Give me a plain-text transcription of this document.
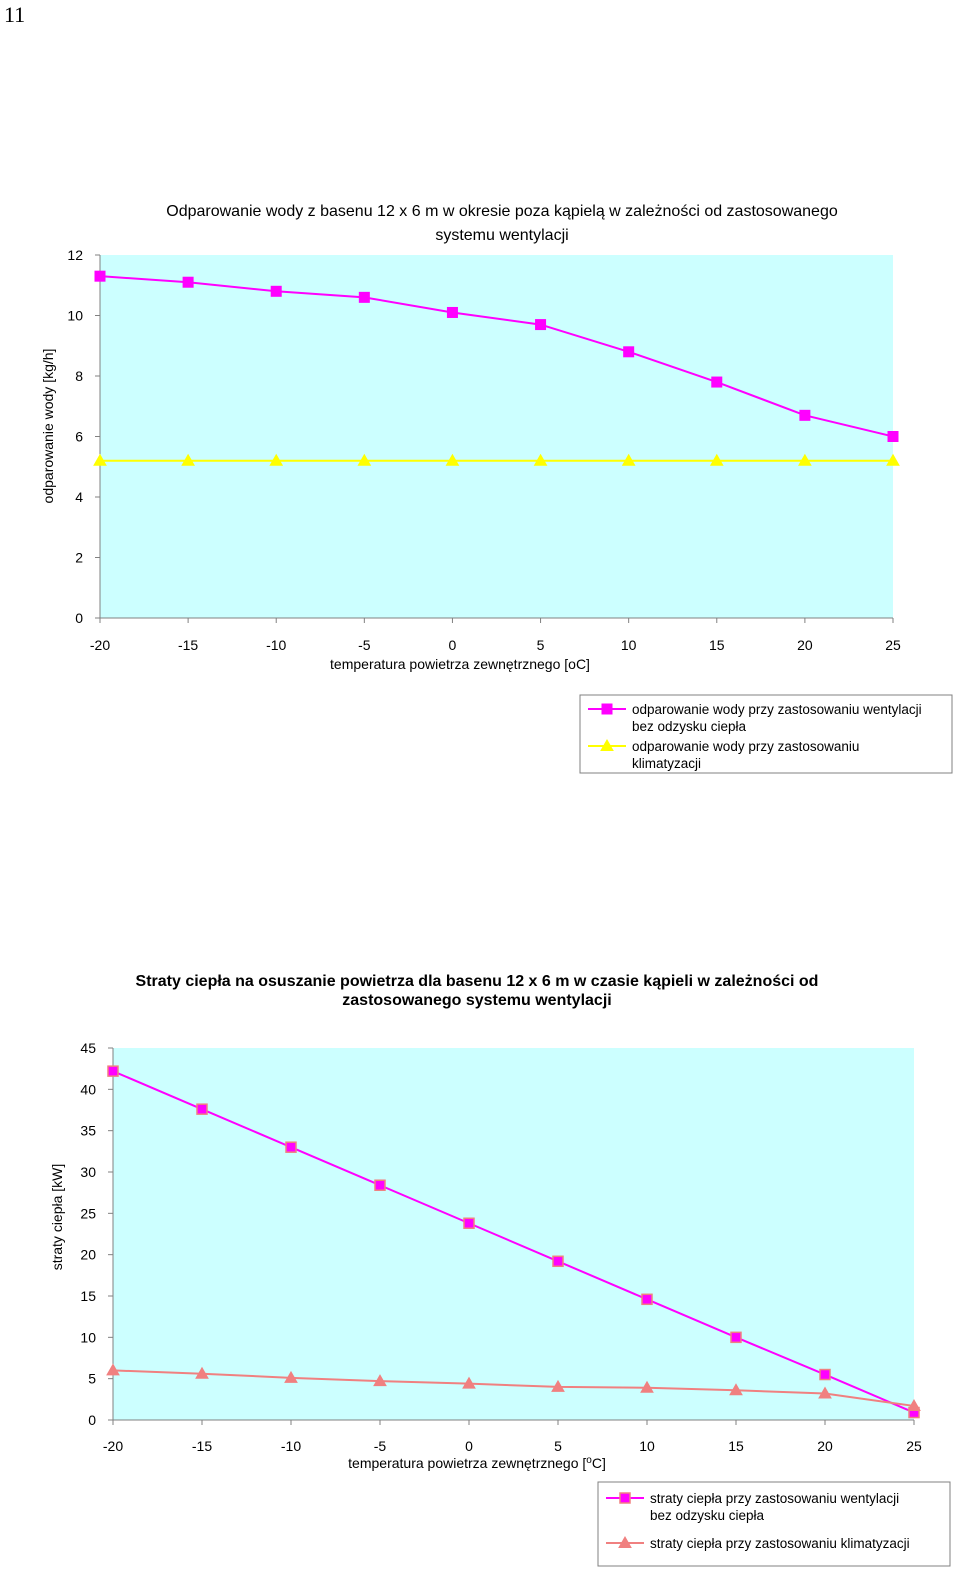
11
Odparowanie wody z basenu 12 x 6 m w okresie poza kąpielą w zależności od zastosowanego
systemu wentylacji
0
2
4
6
8
10
12
-20	-15	-10	-5	0	5	10	15	20	25
temperatura powietrza zewnętrznego [oC]
odparowanie wody [kg/h]
odparowanie wody przy zastosowaniu wentylacji
bez odzysku ciepła
odparowanie wody przy zastosowaniu
klimatyzacji
Straty ciepła na osuszanie powietrza dla basenu 12 x 6 m w czasie kąpieli w zależności od
zastosowanego systemu wentylacji
0
5
10
15
20
25
30
35
40
45
-20	-15	-10	-5	0	5	10	15	20	25
temperatura powietrza zewnętrznego [$^o$C]
straty ciepła [kW]
straty ciepła przy zastosowaniu wentylacji
bez odzysku ciepła
straty ciepła przy zastosowaniu klimatyzacji
